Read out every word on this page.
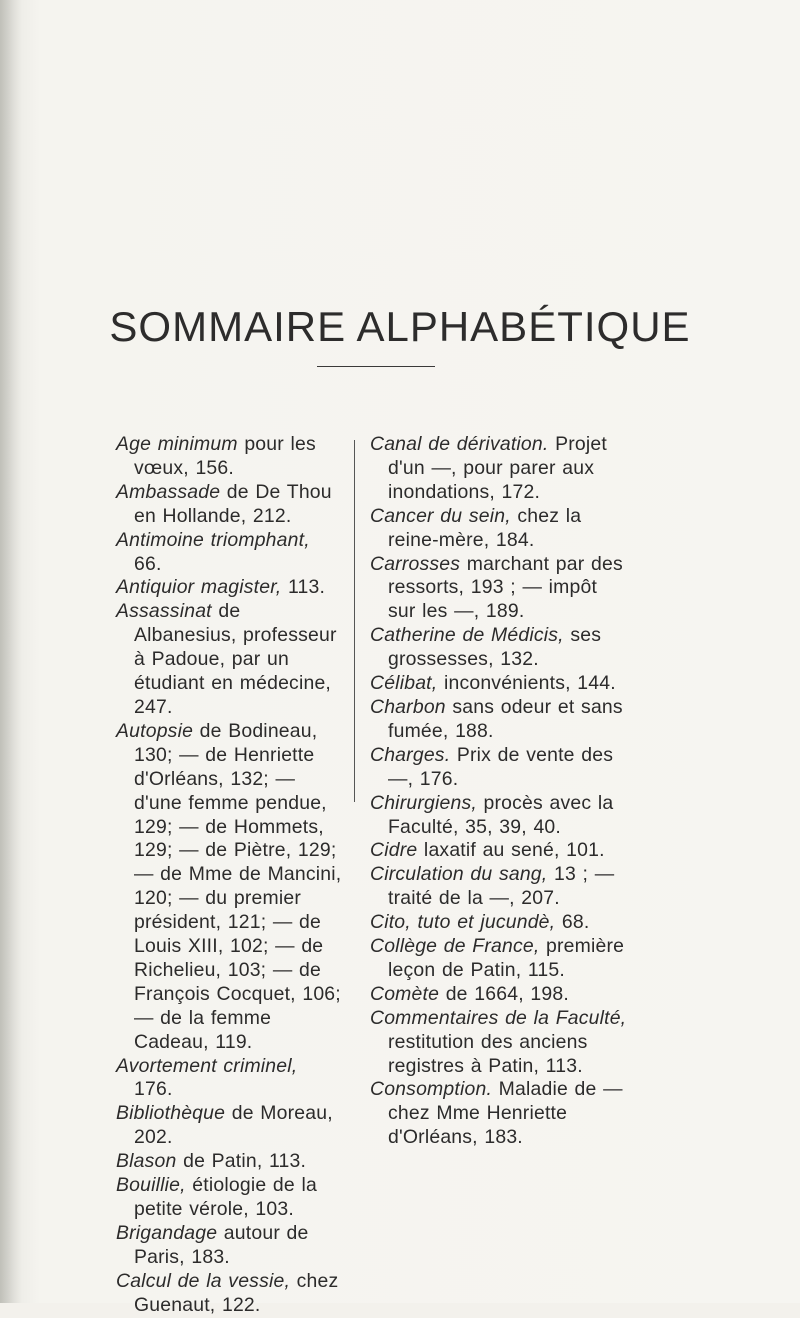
SOMMAIRE ALPHABÉTIQUE

Age minimum pour les vœux, 156.

Ambassade de De Thou en Hollande, 212.

Antimoine triomphant, 66.

Antiquior magister, 113.

Assassinat de Albanesius, professeur à Padoue, par un étudiant en médecine, 247.

Autopsie de Bodineau, 130; — de Henriette d'Orléans, 132; — d'une femme pendue, 129; — de Hommets, 129; — de Piètre, 129; — de Mme de Mancini, 120; — du premier président, 121; — de Louis XIII, 102; — de Richelieu, 103; — de François Cocquet, 106; — de la femme Cadeau, 119.

Avortement criminel, 176.

Bibliothèque de Moreau, 202.

Blason de Patin, 113.

Bouillie, étiologie de la petite vérole, 103.

Brigandage autour de Paris, 183.

Calcul de la vessie, chez Guenaut, 122.

Canal de dérivation. Projet d'un —, pour parer aux inondations, 172.

Cancer du sein, chez la reine-mère, 184.

Carrosses marchant par des ressorts, 193 ; — impôt sur les —, 189.

Catherine de Médicis, ses grossesses, 132.

Célibat, inconvénients, 144.

Charbon sans odeur et sans fumée, 188.

Charges. Prix de vente des —, 176.

Chirurgiens, procès avec la Faculté, 35, 39, 40.

Cidre laxatif au sené, 101.

Circulation du sang, 13 ; — traité de la —, 207.

Cito, tuto et jucundè, 68.

Collège de France, première leçon de Patin, 115.

Comète de 1664, 198.

Commentaires de la Faculté, restitution des anciens registres à Patin, 113.

Consomption. Maladie de — chez Mme Henriette d'Orléans, 183.
